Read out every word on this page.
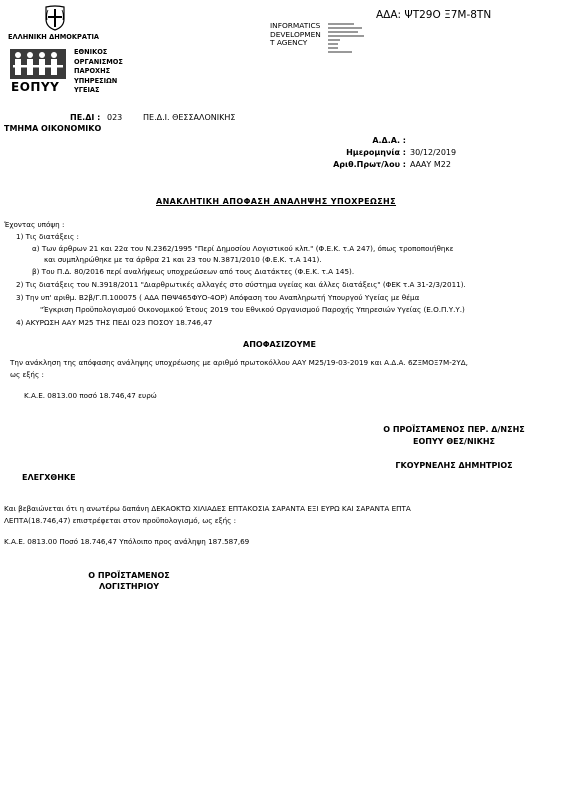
ΑΔΑ: ΨΤ29Ο Ξ7Μ-8ΤΝ
ΕΛΛΗΝΙΚΗ ΔΗΜΟΚΡΑΤΙΑ
ΕΟΠΥΥ
ΕΘΝΙΚΟΣ
ΟΡΓΑΝΙΣΜΟΣ
ΠΑΡΟΧΗΣ
ΥΠΗΡΕΣΙΩΝ
ΥΓΕΙΑΣ
INFORMATICS
DEVELOPMEN
T AGENCY
ΠΕ.ΔΙ : 023	ΠΕ.Δ.Ι. ΘΕΣΣΑΛΟΝΙΚΗΣ
ΤΜΗΜΑ ΟΙΚΟΝΟΜΙΚΟ
Α.Δ.Α. :
Ημερομηνία : 30/12/2019
Αριθ.Πρωτ/λου : ΑΑΑΥ Μ22
ΑΝΑΚΛΗΤΙΚΗ ΑΠΟΦΑΣΗ ΑΝΑΛΗΨΗΣ ΥΠΟΧΡΕΩΣΗΣ
Έχοντας υπόψη :
1) Τις διατάξεις :
α) Των άρθρων 21 και 22α του Ν.2362/1995 "Περί Δημοσίου Λογιστικού κλπ." (Φ.Ε.Κ. τ.Α 247), όπως τροποποιήθηκε
και συμπληρώθηκε με τα άρθρα 21 και 23 του Ν.3871/2010 (Φ.Ε.Κ. τ.Α 141).
β) Του Π.Δ. 80/2016 περί αναλήψεως υποχρεώσεων από τους Διατάκτες (Φ.Ε.Κ. τ.Α 145).
2) Τις διατάξεις του Ν.3918/2011 "Διαρθρωτικές αλλαγές στο σύστημα υγείας και άλλες διατάξεις" (ΦΕΚ τ.Α 31-2/3/2011).
3) Την υπ' αριθμ. Β2β/Γ.Π.100075 ( ΑΔΑ ΠΘΨ465ΦΥΟ-4ΟΡ) Απόφαση του Αναπληρωτή Υπουργού Υγείας με θέμα
"Έγκριση Προϋπολογισμού Οικονομικού Έτους 2019 του Εθνικού Οργανισμού Παροχής Υπηρεσιών Υγείας (Ε.Ο.Π.Υ.Υ.)
4) ΑΚΥΡΩΣΗ ΑΑΥ Μ25 ΤΗΣ ΠΕΔΙ 023 ΠΟΣΟΥ 18.746,47
ΑΠΟΦΑΣΙΖΟΥΜΕ
Την ανάκληση της απόφασης ανάληψης υποχρέωσης με αριθμό πρωτοκόλλου ΑΑΥ Μ25/19-03-2019 και Α.Δ.Α. 6ΖΞΜΟΞ7Μ-2ΥΔ,
ως εξής :
Κ.Α.Ε. 0813.00 ποσό 18.746,47 ευρώ
Ο ΠΡΟΪΣΤΑΜΕΝΟΣ ΠΕΡ. Δ/ΝΣΗΣ
ΕΟΠΥΥ ΘΕΣ/ΝΙΚΗΣ
ΓΚΟΥΡΝΕΛΗΣ ΔΗΜΗΤΡΙΟΣ
ΕΛΕΓΧΘΗΚΕ
Και βεβαιώνεται ότι η ανωτέρω δαπάνη ΔΕΚΑΟΚΤΩ ΧΙΛΙΑΔΕΣ ΕΠΤΑΚΟΣΙΑ ΣΑΡΑΝΤΑ ΕΞΙ ΕΥΡΩ ΚΑΙ ΣΑΡΑΝΤΑ ΕΠΤΑ
ΛΕΠΤΑ(18.746,47) επιστρέφεται στον προϋπολογισμό, ως εξής :
Κ.Α.Ε. 0813.00 Ποσό 18.746,47 Υπόλοιπο προς ανάληψη 187.587,69
Ο ΠΡΟΪΣΤΑΜΕΝΟΣ
ΛΟΓΙΣΤΗΡΙΟΥ
